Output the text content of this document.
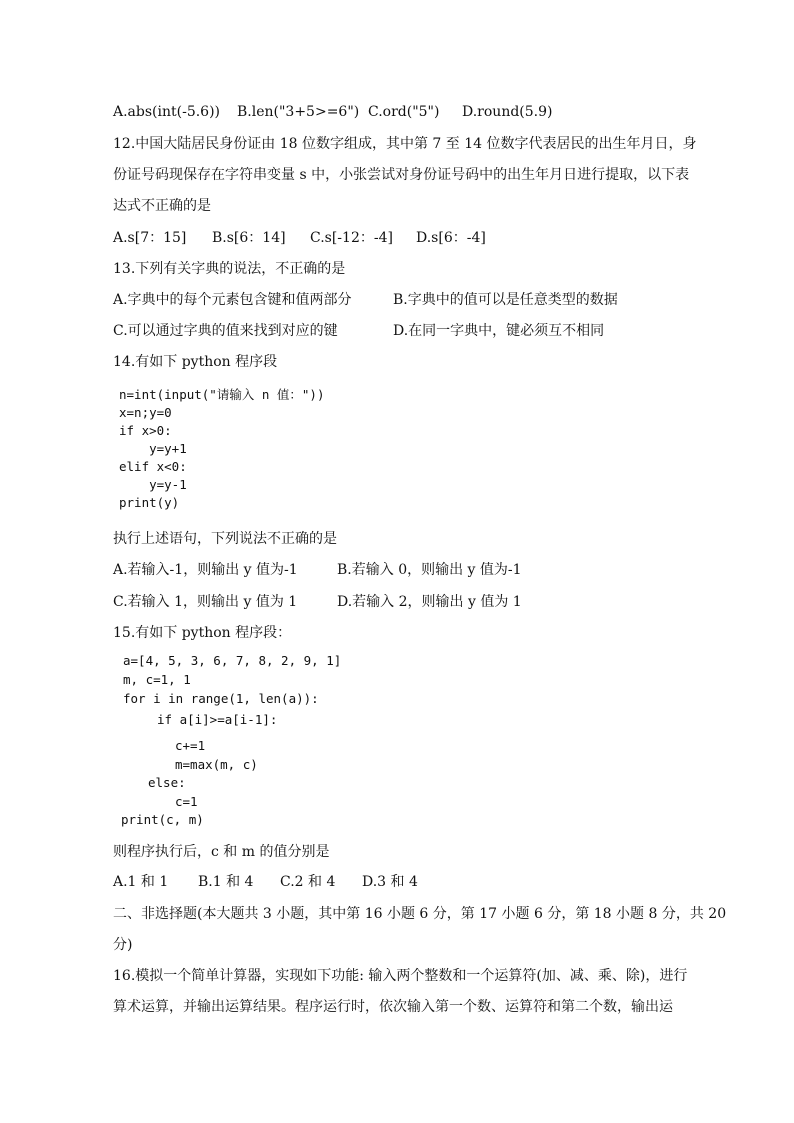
A.abs(int(-5.6)) B.len("3+5>=6") C.ord("5") D.round(5.9)
12.中国大陆居民身份证由 18 位数字组成，其中第 7 至 14 位数字代表居民的出生年月日，身
份证号码现保存在字符串变量 s 中，小张尝试对身份证号码中的出生年月日进行提取，以下表
达式不正确的是
A.s[7：15] B.s[6：14] C.s[-12：-4] D.s[6：-4]
13.下列有关字典的说法，不正确的是
A.字典中的每个元素包含键和值两部分	B.字典中的值可以是任意类型的数据
C.可以通过字典的值来找到对应的键	D.在同一字典中，键必须互不相同
14.有如下 python 程序段
n=int(input("请输入 n 值："))
x=n;y=0
if x>0:
y=y+1
elif x<0:
y=y-1
print(y)
执行上述语句，下列说法不正确的是
A.若输入-1，则输出 y 值为-1	B.若输入 0，则输出 y 值为-1
C.若输入 1，则输出 y 值为 1	D.若输入 2，则输出 y 值为 1
15.有如下 python 程序段：
a=[4, 5, 3, 6, 7, 8, 2, 9, 1]
m, c=1, 1
for i in range(1, len(a)):
if a[i]>=a[i-1]:
c+=1
m=max(m, c)
else:
c=1
print(c, m)
则程序执行后，c 和 m 的值分别是
A.1 和 1 B.1 和 4 C.2 和 4 D.3 和 4
二、非选择题(本大题共 3 小题，其中第 16 小题 6 分，第 17 小题 6 分，第 18 小题 8 分，共 20
分)
16.模拟一个简单计算器，实现如下功能: 输入两个整数和一个运算符(加、减、乘、除)，进行
算术运算，并输出运算结果。程序运行时，依次输入第一个数、运算符和第二个数，输出运
